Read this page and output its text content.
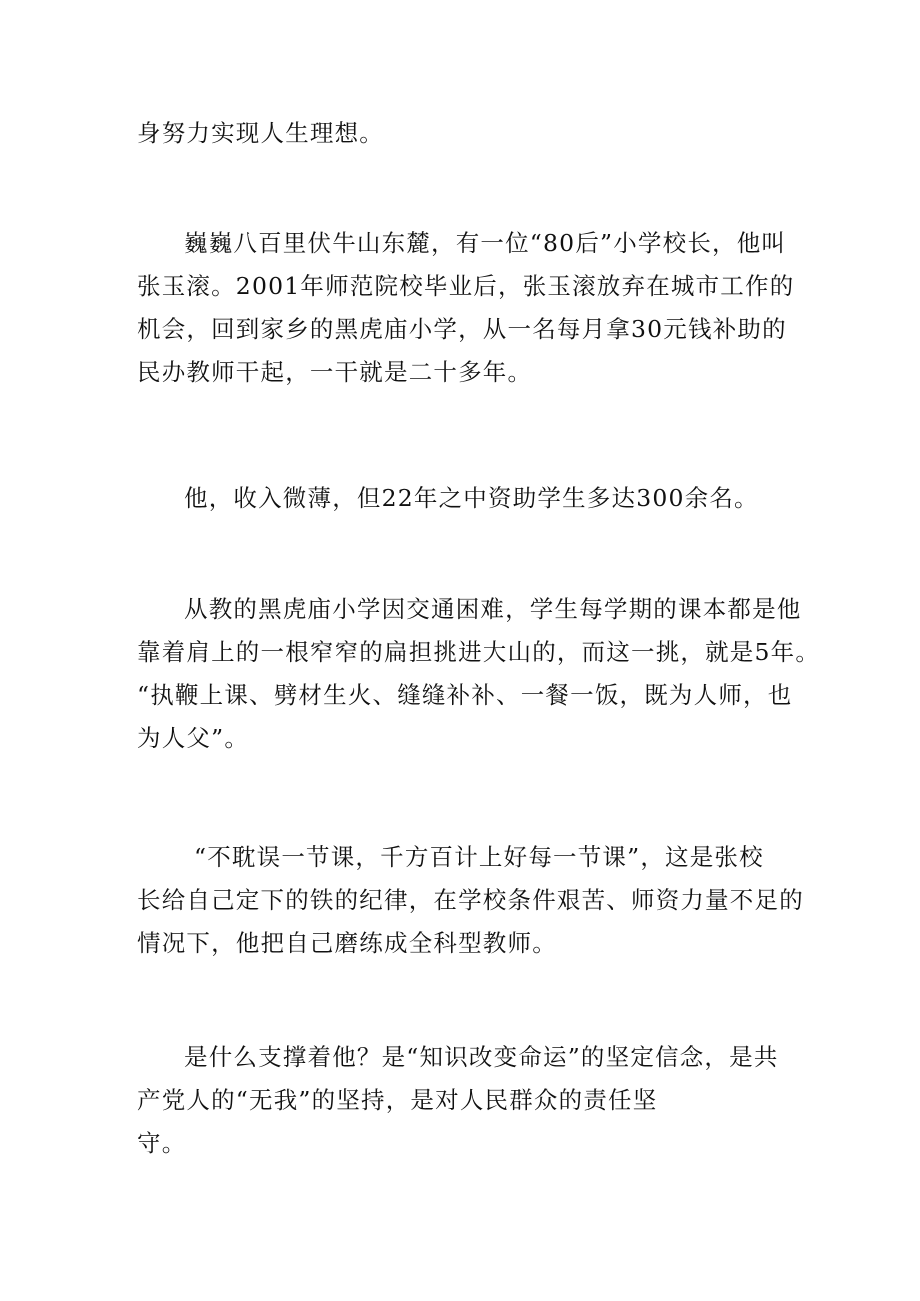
身努力实现人生理想。
巍巍八百里伏牛山东麓，有一位“80后”小学校长，他叫
张玉滚。2001年师范院校毕业后，张玉滚放弃在城市工作的
机会，回到家乡的黑虎庙小学，从一名每月拿30元钱补助的
民办教师干起，一干就是二十多年。
他，收入微薄，但22年之中资助学生多达300余名。
从教的黑虎庙小学因交通困难，学生每学期的课本都是他
靠着肩上的一根窄窄的扁担挑进大山的，而这一挑，就是5年。
“执鞭上课、劈材生火、缝缝补补、一餐一饭，既为人师，也
为人父”。
“不耽误一节课，千方百计上好每一节课”，这是张校
长给自己定下的铁的纪律，在学校条件艰苦、师资力量不足的
情况下，他把自己磨练成全科型教师。
是什么支撑着他？是“知识改变命运”的坚定信念，是共
产党人的“无我”的坚持，是对人民群众的责任坚
守。
